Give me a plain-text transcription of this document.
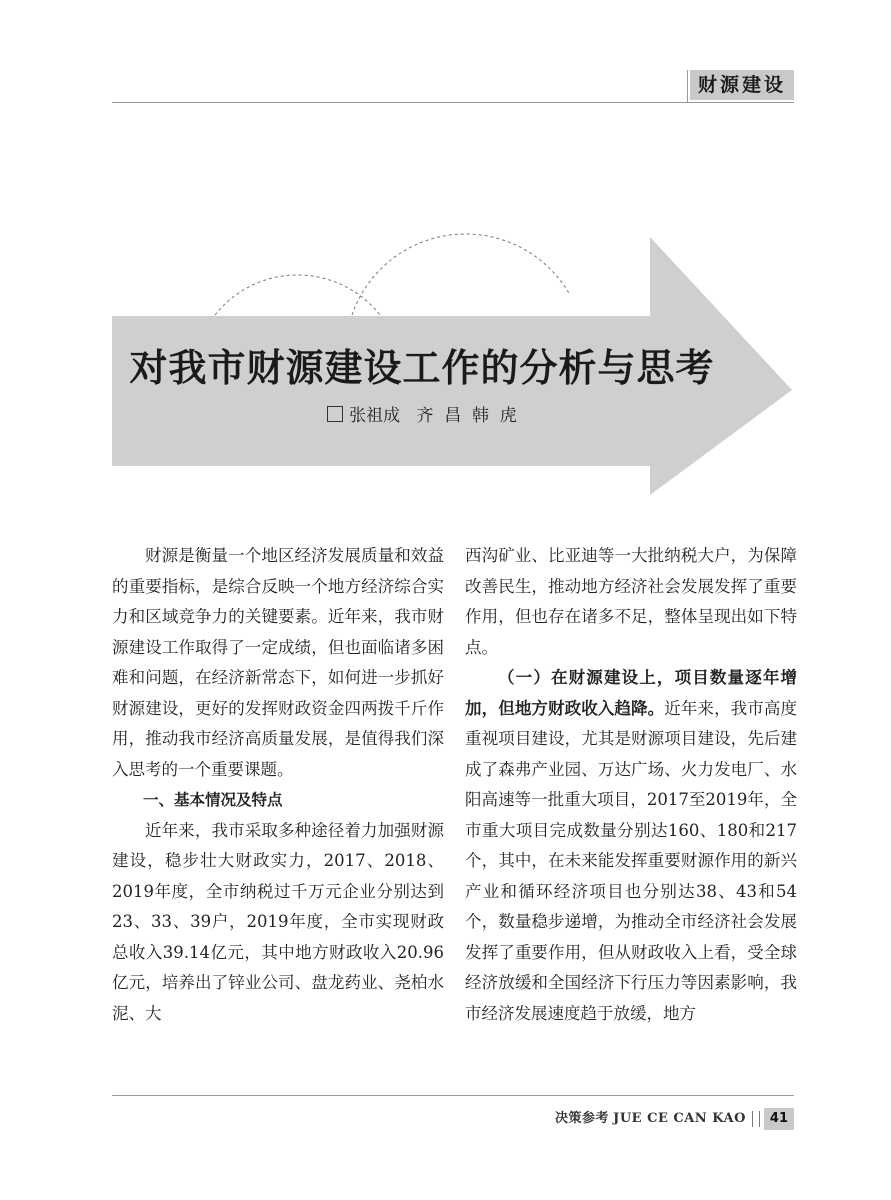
财源建设
对我市财源建设工作的分析与思考
张祖成   齐  昌  韩  虎

财源是衡量一个地区经济发展质量和效益的重要指标，是综合反映一个地方经济综合实力和区域竞争力的关键要素。近年来，我市财源建设工作取得了一定成绩，但也面临诸多困难和问题，在经济新常态下，如何进一步抓好财源建设，更好的发挥财政资金四两拨千斤作用，推动我市经济高质量发展，是值得我们深入思考的一个重要课题。

一、基本情况及特点

近年来，我市采取多种途径着力加强财源建设，稳步壮大财政实力，2017、2018、2019年度，全市纳税过千万元企业分别达到23、33、39户，2019年度，全市实现财政总收入39.14亿元，其中地方财政收入20.96亿元，培养出了锌业公司、盘龙药业、尧柏水泥、大

西沟矿业、比亚迪等一大批纳税大户，为保障改善民生，推动地方经济社会发展发挥了重要作用，但也存在诸多不足，整体呈现出如下特点。

（一）在财源建设上，项目数量逐年增加，但地方财政收入趋降。近年来，我市高度重视项目建设，尤其是财源项目建设，先后建成了森弗产业园、万达广场、火力发电厂、水阳高速等一批重大项目，2017至2019年，全市重大项目完成数量分别达160、180和217个，其中，在未来能发挥重要财源作用的新兴产业和循环经济项目也分别达38、43和54个，数量稳步递增，为推动全市经济社会发展发挥了重要作用，但从财政收入上看，受全球经济放缓和全国经济下行压力等因素影响，我市经济发展速度趋于放缓，地方

决策参考
JUE CE CAN KAO	41
